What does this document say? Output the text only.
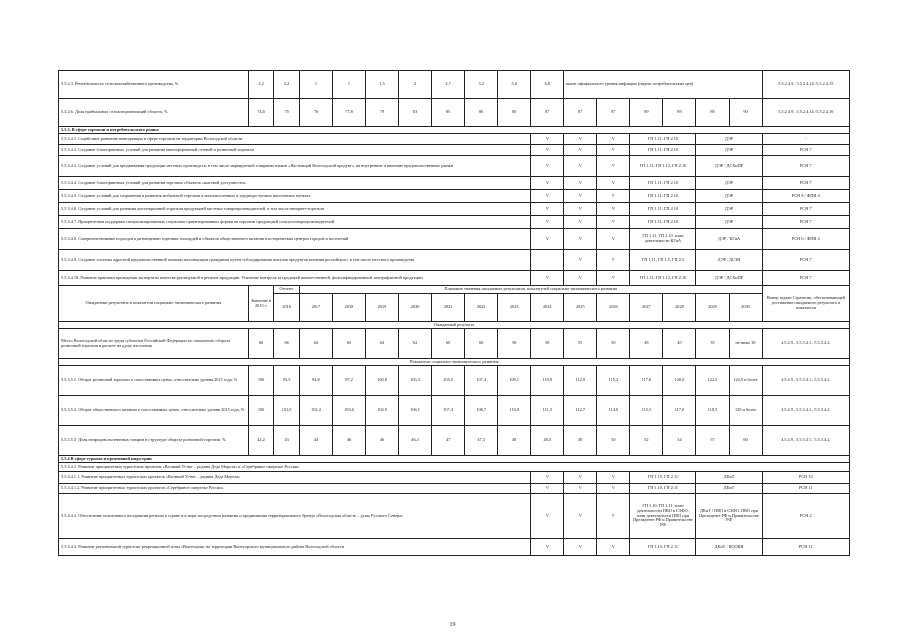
5.5.2.3. Рентабельность сельскохозяйственного производства, %	2,2	2,2	1	1	1,5	2	2,7	3,2	5,6	6,8	выше официального уровня инфляции (индекс потребительских цен)						5.5.2.4.9., 5.5.2.4.14.-5.5.2.4.15
5.5.2.6. Доля прибыльных сельхозорганизаций области, %	74,6	75	76	77,8	79	83	85	86	86	87	87	87	89	89	89	90	5.5.2.4.9., 5.5.2.4.14.-5.5.2.4.16
5.5.3. В сфере торговли и потребительского рынка																	
5.5.3.4.1. Содействие развитию конкуренции в сфере торговли на территории Вологодской области										V	V	V	ГП 1.11, ГП 2.10		ДЭР		-
5.5.3.4.2. Создание благоприятных условий для развития многоформатной сетевой и розничной торговли										V	V	V	ГП 1.11, ГП 2.10		ДЭР		РСН 7
5.5.3.4.3. Создание условий для продвижения продукции местных производств, в том числе маркируемой товарным знаком «Настоящий Вологодский продукт», на внутренние и внешние продовольственные рынки										V	V	V	ГП 1.11, ГП 1.13, ГП 2.10		ДЭР / ДСХиПР		РСН 7
5.5.3.4.4. Создание благоприятных условий для развития торговых объектов «шаговой доступности»										V	V	V	ГП 1.11, ГП 2.10		ДЭР		РСН 7
5.5.3.4.5. Создание условий для сохранения и развития мобильной торговли в малонаселенных и труднодоступных населенных пунктах										V	V	V	ГП 1.11, ГП 2.10		ДЭР		РСН 8 / ФПН 4
5.5.3.4.6. Создание условий для развития дистанционной торговли продукцией местных товаропроизводителей, в том числе интернет-торговли										V	V	V	ГП 1.11, ГП 2.10		ДЭР		РСН 7
5.5.3.4.7. Приоритетная поддержка специализированных социально-ориентированных форматов торговли продукцией сельхозтоваропроизводителей										V	V	V	ГП 1.11, ГП 2.10		ДЭР		РСН 7
5.5.3.4.8. Совершенствование подходов к размещению торговых площадей и объектов общественного питания в исторических центрах городов и поселений										V	V	V	ГП 1.11, ГП 2.10, план деятельности КГиА		ДЭР / КГиА		РСН 6 / ФПН 4
5.5.3.4.9. Создание системы адресной продовольственной помощи малоимущим гражданам путем субсидирования покупок продуктов питания российского, в том числе местного производства											V	V	ГП 1.11, ГП 1.5, ГП 2.5		ДЭР / ДСЗН		РСН 7
5.5.3.4.10. Развитие практики проведения экспертизы качества реализуемой в регионе продукции. Усиление контроля за продажей некачественной, фальсифицированной, контрафактной продукции										V	V	V	ГП 1.11, ГП 1.13, ГП 2.10		ДЭР / ДСХиПР		РСН 7
Ожидаемые результаты и показатели социально-экономического развития	Значение в 2015 г.	Отчетн.	Плановые значения ожидаемых результатов, показателей социально-экономического развития														Номер задачи Стратегии, обеспечивающей достижение ожидаемого результата и показателя
		2016	2017	2018	2019	2020	2021	2022	2023	2024	2025	2026	2027	2028	2029	2030	
Ожидаемый результат																	
Место Вологодской области среди субъектов Российской Федерации по показателю оборота розничной торговли в расчете на душу населения	66	66	64	65	64	62	60	60	58	58	55	50	48	40	35	не ниже 30	4.5.4.9., 5.5.3.4.1., 5.5.3.4.2.
Показатели социально-экономического развития																	
5.5.3.5.1. Оборот розничной торговли в сопоставимых ценах, относительно уровня 2015 года, %	100	93,5	94,8	97,2	100,8	103,3	105,5	107,4	109,1	110,9	112,9	115,2	117,6	120,0	122,5	124,9 и более	4.5.4.9., 5.5.3.4.1., 5.5.3.4.2.
5.5.3.5.2. Оборот общественного питания в сопоставимых ценах, относительно уровня 2015 года, %	100	101,0	102,4	103,6	104,9	106,1	107,4	108,7	110,0	111,3	112,7	114,0	115,5	117,0	118,5	120 и более	4.5.4.9., 5.5.3.4.1., 5.5.3.4.2.
5.5.3.5.3. Доля непродовольственных товаров в структуре оборота розничной торговли, %	42,2	43	44	46	46	46,3	47	47,3	48	48,5	49	50	52	54	57	60	4.5.4.9., 5.5.3.4.1., 5.5.3.4.2.
5.5.4 В сфере туризма и креативной индустрии																	
5.5.4.4.1. Развитие приоритетных туристских проектов «Великий Устюг – родина Деда Мороза» и «Серебряное ожерелье России»																	
5.5.4.4.1.1. Развитие приоритетных туристских проектов «Великий Устюг – родина Деда Мороза»										V	V	V	ГП 1.10, ГП 2.11		ДКиТ		РСН 10
5.5.4.4.1.2. Развитие приоритетных туристских проектов «Серебряное ожерелье России»										V	V	V	ГП 1.10, ГП 2.11		ДКиТ		РСН 11
5.5.4.4.2. Обеспечение позитивного восприятия региона в стране и в мире посредством развития и продвижения территориального бренда «Вологодская область – душа Русского Севера»										V	V	V	ГП 1.10, ГП 2.11, план деятельности ПВО в СЗФО, план деятельности ПВО при Президенте РФ и Правительстве РФ		ДКиТ / ПВО в СЗФО, ПВО при Президенте РФ и Правительстве РФ		РСН 2
5.5.4.4.3. Развитие региональной туристско-рекреационной зоны «Вытегория» на территории Вытегорского муниципального района Вологодской области										V	V	V	ГП 1.10, ГП 2.11		ДКиТ / КООКН		РСН 11
19
